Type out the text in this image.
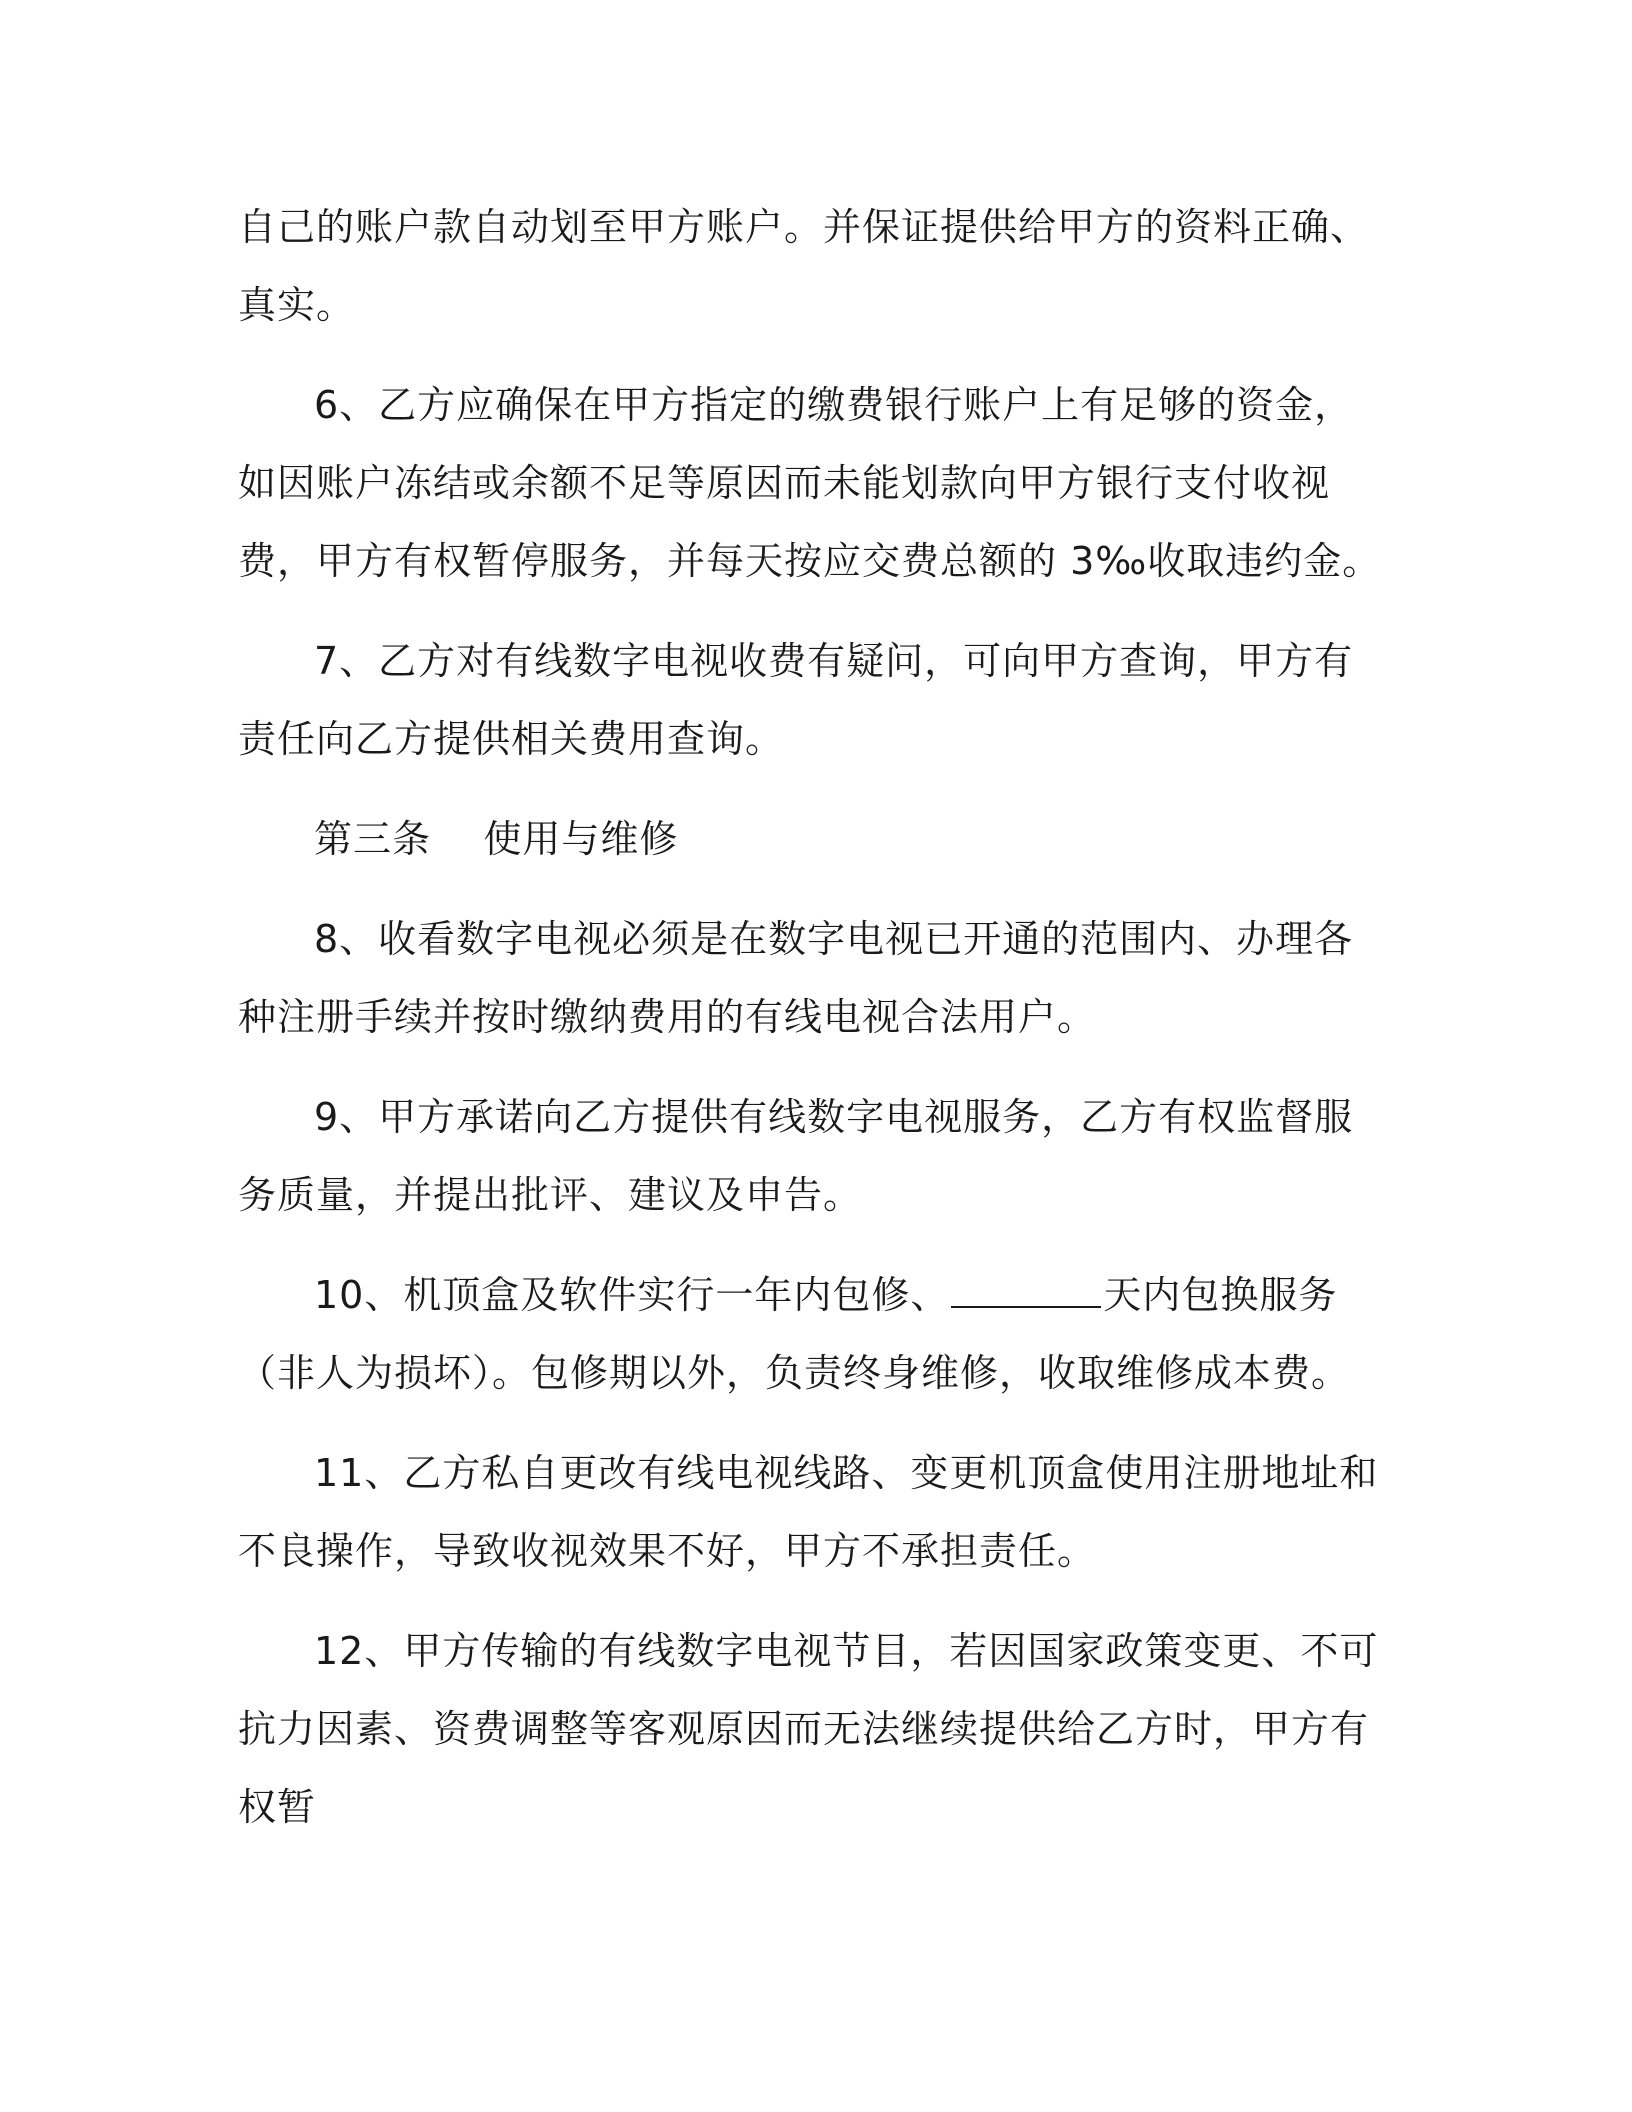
自己的账户款自动划至甲方账户。并保证提供给甲方的资料正确、真实。

6、乙方应确保在甲方指定的缴费银行账户上有足够的资金，如因账户冻结或余额不足等原因而未能划款向甲方银行支付收视费，甲方有权暂停服务，并每天按应交费总额的 3‰收取违约金。

7、乙方对有线数字电视收费有疑问，可向甲方查询，甲方有责任向乙方提供相关费用查询。

第三条    使用与维修

8、收看数字电视必须是在数字电视已开通的范围内、办理各种注册手续并按时缴纳费用的有线电视合法用户。

9、甲方承诺向乙方提供有线数字电视服务，乙方有权监督服务质量，并提出批评、建议及申告。

10、机顶盒及软件实行一年内包修、	天内包换服务（非人为损坏）。包修期以外，负责终身维修，收取维修成本费。

11、乙方私自更改有线电视线路、变更机顶盒使用注册地址和不良操作，导致收视效果不好，甲方不承担责任。

12、甲方传输的有线数字电视节目，若因国家政策变更、不可抗力因素、资费调整等客观原因而无法继续提供给乙方时，甲方有权暂
